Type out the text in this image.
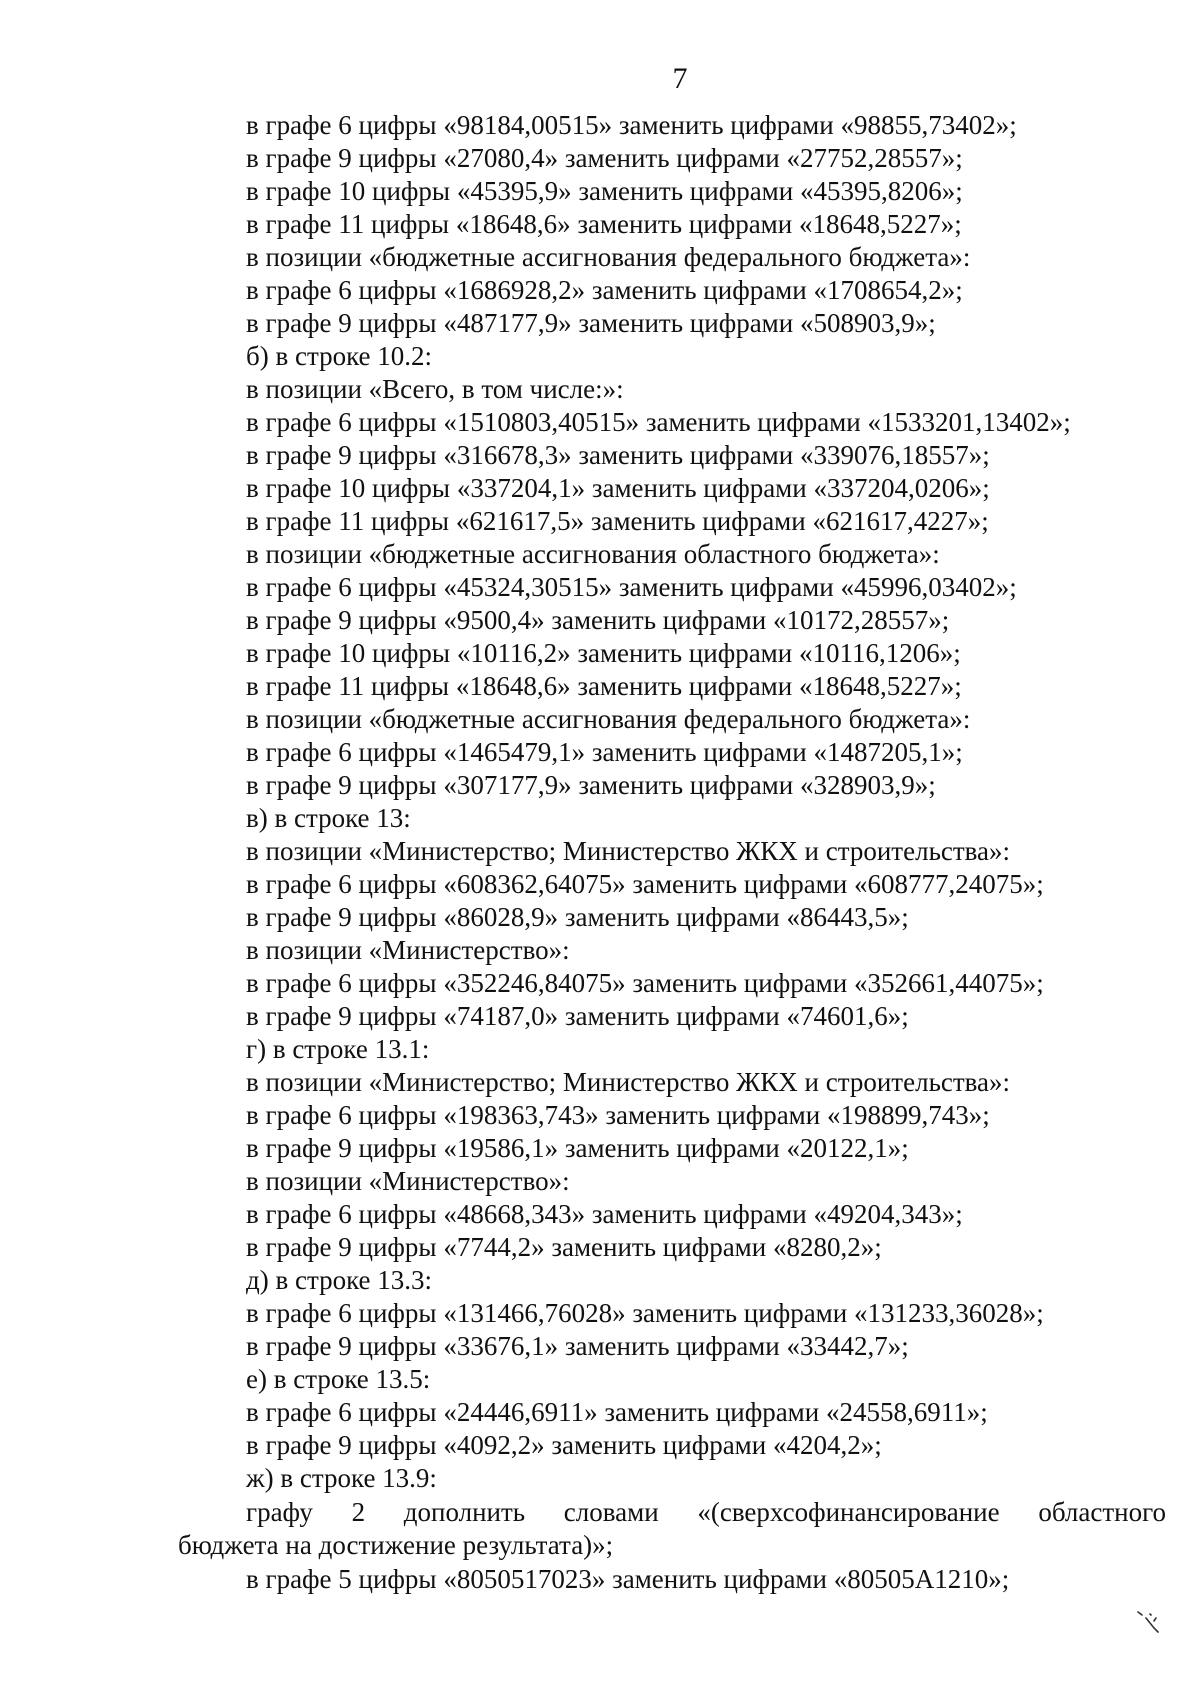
7
в графе 6 цифры «98184,00515» заменить цифрами «98855,73402»;
в графе 9 цифры «27080,4» заменить цифрами «27752,28557»;
в графе 10 цифры «45395,9» заменить цифрами «45395,8206»;
в графе 11 цифры «18648,6» заменить цифрами «18648,5227»;
в позиции «бюджетные ассигнования федерального бюджета»:
в графе 6 цифры «1686928,2» заменить цифрами «1708654,2»;
в графе 9 цифры «487177,9» заменить цифрами «508903,9»;
б) в строке 10.2:
в позиции «Всего, в том числе:»:
в графе 6 цифры «1510803,40515» заменить цифрами «1533201,13402»;
в графе 9 цифры «316678,3» заменить цифрами «339076,18557»;
в графе 10 цифры «337204,1» заменить цифрами «337204,0206»;
в графе 11 цифры «621617,5» заменить цифрами «621617,4227»;
в позиции «бюджетные ассигнования областного бюджета»:
в графе 6 цифры «45324,30515» заменить цифрами «45996,03402»;
в графе 9 цифры «9500,4» заменить цифрами «10172,28557»;
в графе 10 цифры «10116,2» заменить цифрами «10116,1206»;
в графе 11 цифры «18648,6» заменить цифрами «18648,5227»;
в позиции «бюджетные ассигнования федерального бюджета»:
в графе 6 цифры «1465479,1» заменить цифрами «1487205,1»;
в графе 9 цифры «307177,9» заменить цифрами «328903,9»;
в) в строке 13:
в позиции «Министерство; Министерство ЖКХ и строительства»:
в графе 6 цифры «608362,64075» заменить цифрами «608777,24075»;
в графе 9 цифры «86028,9» заменить цифрами «86443,5»;
в позиции «Министерство»:
в графе 6 цифры «352246,84075» заменить цифрами «352661,44075»;
в графе 9 цифры «74187,0» заменить цифрами «74601,6»;
г) в строке 13.1:
в позиции «Министерство; Министерство ЖКХ и строительства»:
в графе 6 цифры «198363,743» заменить цифрами «198899,743»;
в графе 9 цифры «19586,1» заменить цифрами «20122,1»;
в позиции «Министерство»:
в графе 6 цифры «48668,343» заменить цифрами «49204,343»;
в графе 9 цифры «7744,2» заменить цифрами «8280,2»;
д) в строке 13.3:
в графе 6 цифры «131466,76028» заменить цифрами «131233,36028»;
в графе 9 цифры «33676,1» заменить цифрами «33442,7»;
е) в строке 13.5:
в графе 6 цифры «24446,6911» заменить цифрами «24558,6911»;
в графе 9 цифры «4092,2» заменить цифрами «4204,2»;
ж) в строке 13.9:
графу 2 дополнить словами «(сверхсофинансирование областного
бюджета на достижение результата)»;
в графе 5 цифры «8050517023» заменить цифрами «80505А1210»;
